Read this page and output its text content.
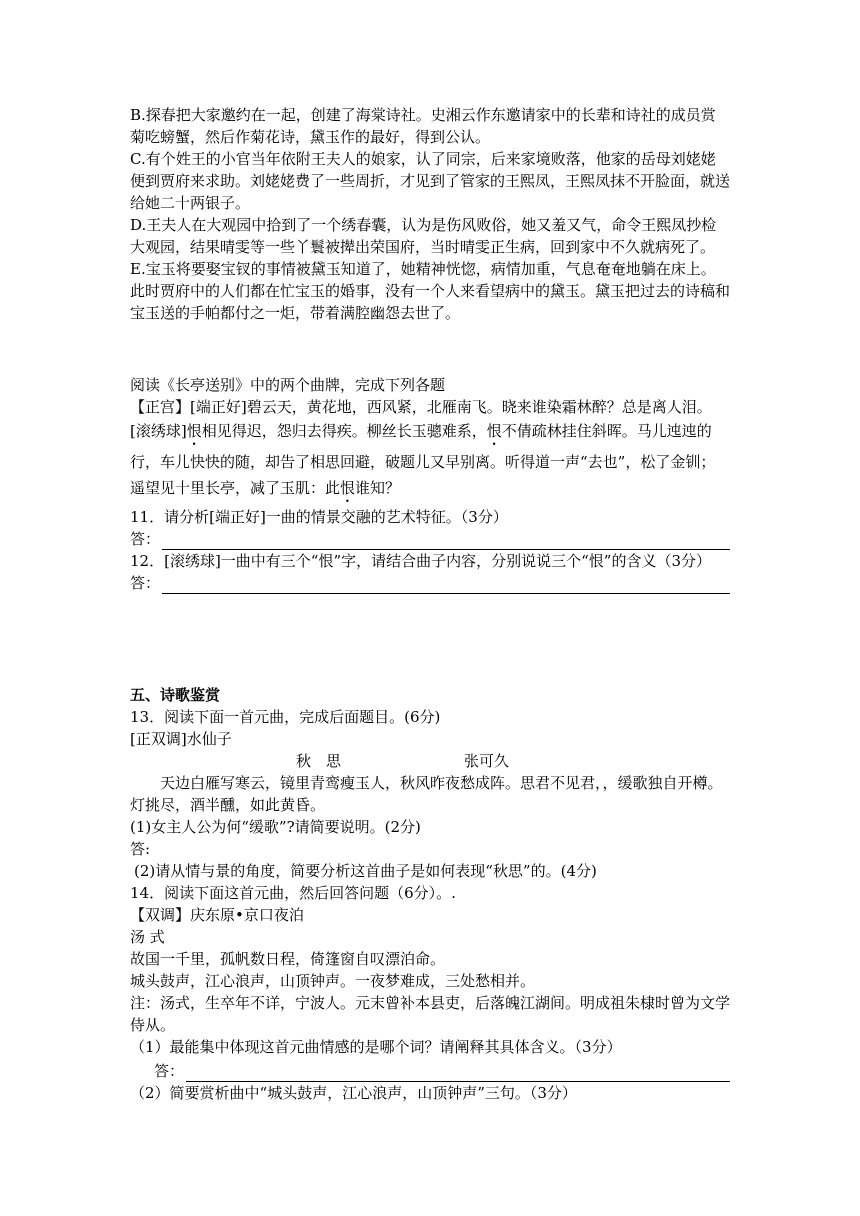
B.探春把大家邀约在一起，创建了海棠诗社。史湘云作东邀请家中的长辈和诗社的成员赏菊吃螃蟹，然后作菊花诗，黛玉作的最好，得到公认。

C.有个姓王的小官当年依附王夫人的娘家，认了同宗，后来家境败落，他家的岳母刘姥姥便到贾府来求助。刘姥姥费了一些周折，才见到了管家的王熙凤，王熙凤抹不开脸面，就送给她二十两银子。

D.王夫人在大观园中拾到了一个绣春囊，认为是伤风败俗，她又羞又气，命令王熙凤抄检大观园，结果晴雯等一些丫鬟被撵出荣国府，当时晴雯正生病，回到家中不久就病死了。

E.宝玉将要娶宝钗的事情被黛玉知道了，她精神恍惚，病情加重，气息奄奄地躺在床上。此时贾府中的人们都在忙宝玉的婚事，没有一个人来看望病中的黛玉。黛玉把过去的诗稿和宝玉送的手帕都付之一炬，带着满腔幽怨去世了。

阅读《长亭送别》中的两个曲牌，完成下列各题

【正宫】[端正好]碧云天，黄花地，西风紧，北雁南飞。晓来谁染霜林醉？总是离人泪。

[滚绣球]恨相见得迟，怨归去得疾。柳丝长玉骢难系，恨不倩疏林挂住斜晖。马儿迍迍的行，车儿快快的随，却告了相思回避，破题儿又早别离。听得道一声“去也”，松了金钏；遥望见十里长亭，减了玉肌：此恨谁知？

11．请分析[端正好]一曲的情景交融的艺术特征。（3分）

答：

12．[滚绣球]一曲中有三个“恨”字，请结合曲子内容，分别说说三个“恨”的含义（3分）

答：

五、诗歌鉴赏

13．阅读下面一首元曲，完成后面题目。(6分)

[正双调]水仙子

秋　思	张可久

天边白雁写寒云，镜里青鸾瘦玉人，秋风昨夜愁成阵。思君不见君，，缓歌独自开樽。

灯挑尽，酒半醺，如此黄昏。

(1)女主人公为何“缓歌”?请简要说明。(2分)

答:

(2)请从情与景的角度，简要分析这首曲子是如何表现“秋思”的。(4分)

14．阅读下面这首元曲，然后回答问题（6分）。.

【双调】庆东原•京口夜泊

汤 式

故国一千里，孤帆数日程，倚篷窗自叹漂泊命。

城头鼓声，江心浪声，山顶钟声。一夜梦难成，三处愁相并。

注：汤式，生卒年不详，宁波人。元末曾补本县吏，后落魄江湖间。明成祖朱棣时曾为文学侍从。

（1）最能集中体现这首元曲情感的是哪个词？请阐释其具体含义。（3分）

答：

（2）简要赏析曲中“城头鼓声，江心浪声，山顶钟声”三句。（3分）
